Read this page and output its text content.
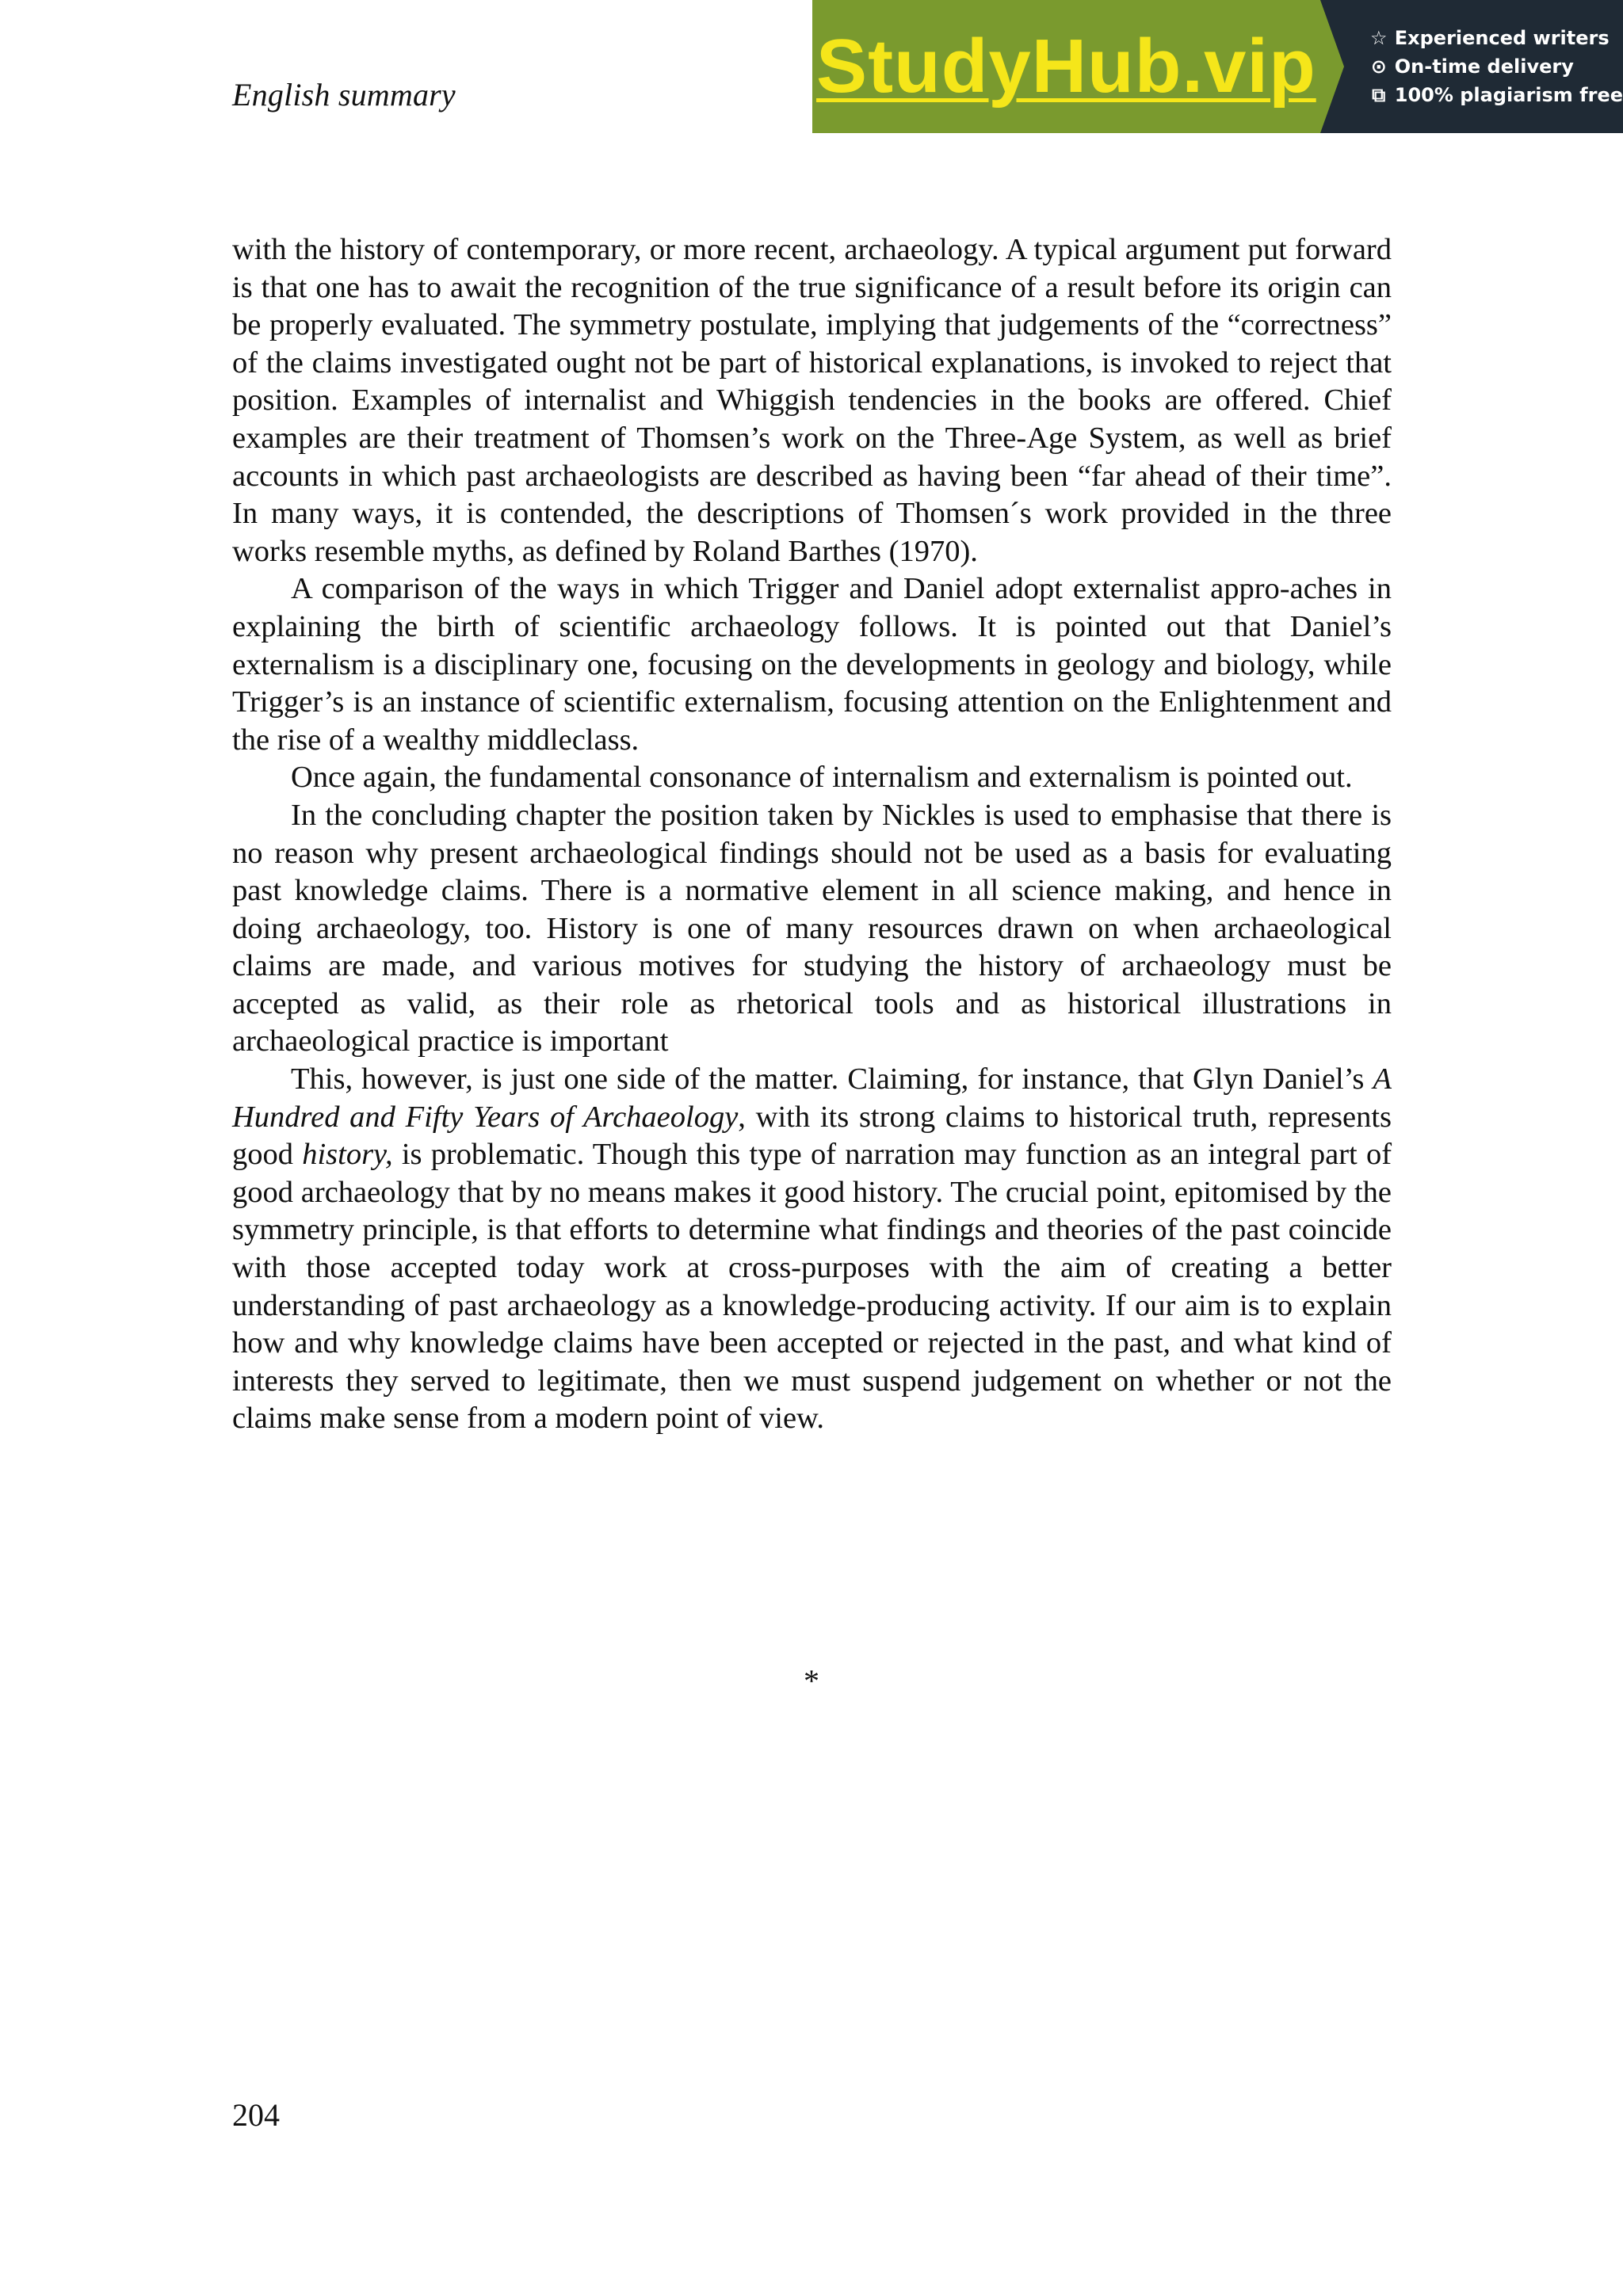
English summary	StudyHub.vip	☆ Experienced writers
⊙ On-time delivery
⧉ 100% plagiarism free

with the history of contemporary, or more recent, archaeology. A typical argument put forward is that one has to await the recognition of the true significance of a result before its origin can be properly evaluated. The symmetry postulate, implying that judgements of the “correctness” of the claims investigated ought not be part of historical explanations, is invoked to reject that position. Examples of internalist and Whiggish tendencies in the books are offered. Chief examples are their treatment of Thomsen’s work on the Three-Age System, as well as brief accounts in which past archaeologists are described as having been “far ahead of their time”. In many ways, it is contended, the descriptions of Thomsen´s work provided in the three works resemble myths, as defined by Roland Barthes (1970).

A comparison of the ways in which Trigger and Daniel adopt externalist appro-aches in explaining the birth of scientific archaeology follows. It is pointed out that Daniel’s externalism is a disciplinary one, focusing on the developments in geology and biology, while Trigger’s is an instance of scientific externalism, focusing attention on the Enlightenment and the rise of a wealthy middleclass.

Once again, the fundamental consonance of internalism and externalism is pointed out.

In the concluding chapter the position taken by Nickles is used to emphasise that there is no reason why present archaeological findings should not be used as a basis for evaluating past knowledge claims. There is a normative element in all science making, and hence in doing archaeology, too. History is one of many resources drawn on when archaeological claims are made, and various motives for studying the history of archaeology must be accepted as valid, as their role as rhetorical tools and as historical illustrations in archaeological practice is important

This, however, is just one side of the matter. Claiming, for instance, that Glyn Daniel’s A Hundred and Fifty Years of Archaeology, with its strong claims to historical truth, represents good history, is problematic. Though this type of narration may function as an integral part of good archaeology that by no means makes it good history. The crucial point, epitomised by the symmetry principle, is that efforts to determine what findings and theories of the past coincide with those accepted today work at cross-purposes with the aim of creating a better understanding of past archaeology as a knowledge-producing activity. If our aim is to explain how and why knowledge claims have been accepted or rejected in the past, and what kind of interests they served to legitimate, then we must suspend judgement on whether or not the claims make sense from a modern point of view.

*
204
